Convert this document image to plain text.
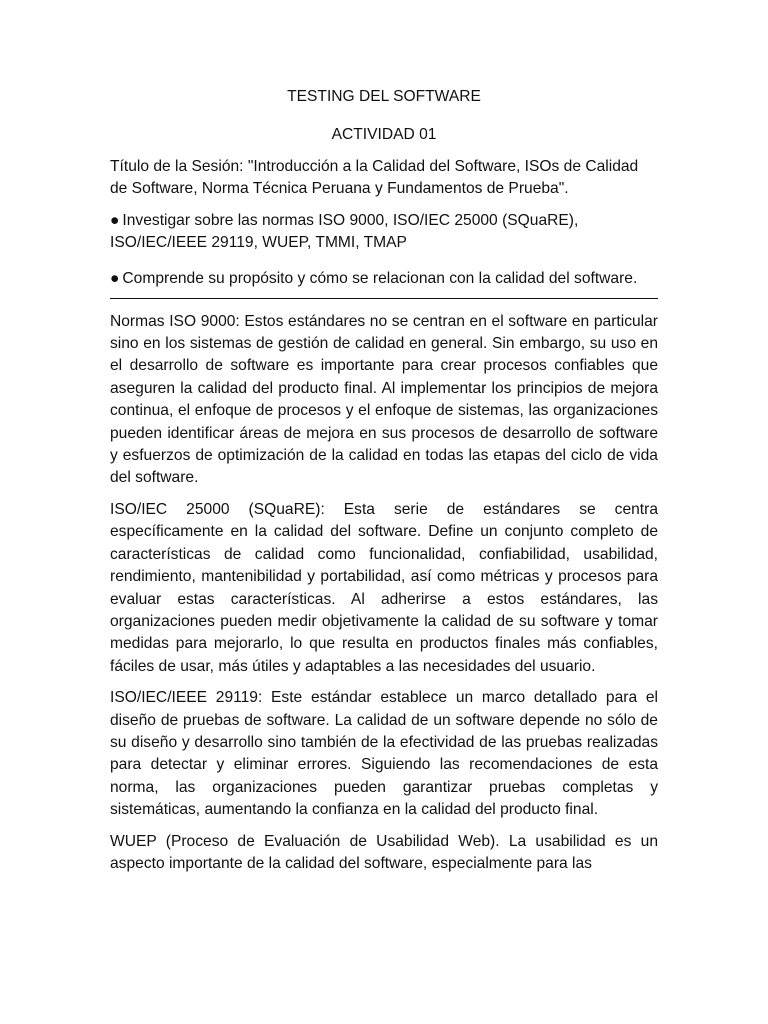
TESTING DEL SOFTWARE

ACTIVIDAD 01

Título de la Sesión: "Introducción a la Calidad del Software, ISOs de Calidad de Software, Norma Técnica Peruana y Fundamentos de Prueba".

● Investigar sobre las normas ISO 9000, ISO/IEC 25000 (SQuaRE), ISO/IEC/IEEE 29119, WUEP, TMMI, TMAP

● Comprende su propósito y cómo se relacionan con la calidad del software.

Normas ISO 9000: Estos estándares no se centran en el software en particular sino en los sistemas de gestión de calidad en general. Sin embargo, su uso en el desarrollo de software es importante para crear procesos confiables que aseguren la calidad del producto final. Al implementar los principios de mejora continua, el enfoque de procesos y el enfoque de sistemas, las organizaciones pueden identificar áreas de mejora en sus procesos de desarrollo de software y esfuerzos de optimización de la calidad en todas las etapas del ciclo de vida del software.

ISO/IEC 25000 (SQuaRE): Esta serie de estándares se centra específicamente en la calidad del software. Define un conjunto completo de características de calidad como funcionalidad, confiabilidad, usabilidad, rendimiento, mantenibilidad y portabilidad, así como métricas y procesos para evaluar estas características. Al adherirse a estos estándares, las organizaciones pueden medir objetivamente la calidad de su software y tomar medidas para mejorarlo, lo que resulta en productos finales más confiables, fáciles de usar, más útiles y adaptables a las necesidades del usuario.

ISO/IEC/IEEE 29119: Este estándar establece un marco detallado para el diseño de pruebas de software. La calidad de un software depende no sólo de su diseño y desarrollo sino también de la efectividad de las pruebas realizadas para detectar y eliminar errores. Siguiendo las recomendaciones de esta norma, las organizaciones pueden garantizar pruebas completas y sistemáticas, aumentando la confianza en la calidad del producto final.

WUEP (Proceso de Evaluación de Usabilidad Web). La usabilidad es un aspecto importante de la calidad del software, especialmente para las
